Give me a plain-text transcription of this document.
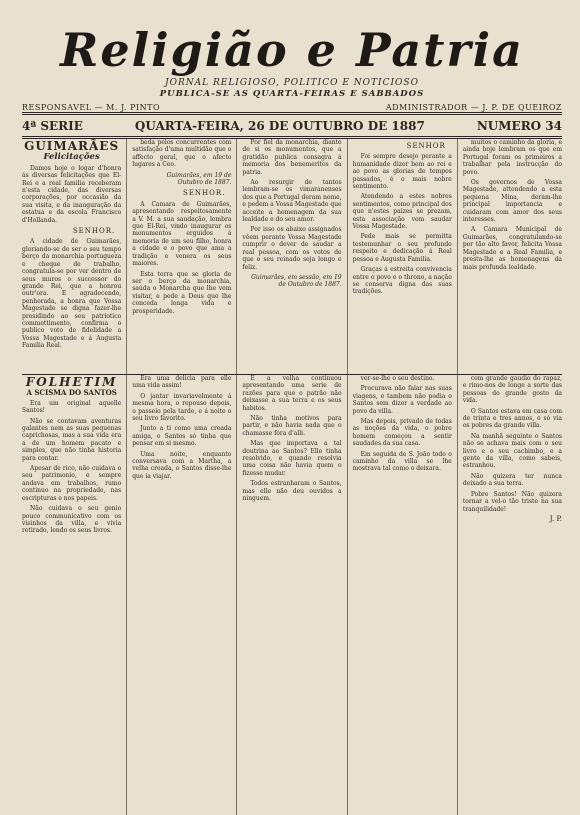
Religião e Patria
JORNAL RELIGIOSO, POLITICO E NOTICIOSO
PUBLICA-SE AS QUARTA-FEIRAS E SABBADOS
RESPONSAVEL — M. J. PINTO	ADMINISTRADOR — J. P. DE QUEIROZ
4ª SERIE	QUARTA-FEIRA, 26 DE OUTUBRO DE 1887	NUMERO 34
GUIMARÃES
Felicitações

Damos hoje o logar d'honra ás diversas felicitações que El-Rei e a real familia receberam n'esta cidade, das diversas corporações, por occasião da sua visita, e da inauguração da estatua e da escola Francisco d'Hollanda.

SENHOR.

A cidade de Guimarães, gloriando-se de ser o seu tempo berço da monarchia portugueza e cheque de trabalho, congratula-se por ver dentro de seus muros o successor do grande Rei, que a honrou outr'ora. E agradecendo, penhorada, a honra que Vossa Magestade se digna fazer-lhe presidindo ao seu patriotico commettimento, confirma o publico voto de fidelidade a Vossa Magestade e á Augusta Familia Real.

beda pelos concurrentes com satisfação d'uma multidão que o affecto geral, que o afecto lugares a Ceo.

Guimarães, em 19 de Outubro de 1887.

SENHOR.

A Camara de Guimarães, apresentando respeitosamente a V. M. a sua saudação, lembra que El-Rei, vindo inaugurar os monumentos erguidos á memoria de um seu filho, honra a cidade e o povo que ama a tradição e venera os seus maiores.

Esta terra que se gloria de ser o berço da monarchia, saúda o Monarcha que lhe vem visitar, e pede a Deus que lhe conceda longa vida e prosperidade.

Por fiel da monarchia, diante de si os monumentos, que a gratidão publica consagra á memoria dos benemeritos da patria.

Ao resurgir de tantos lembram-se os vimaranenses dos que a Portugal deram nome, e pedem a Vossa Magestade que acceite a homenagem da sua lealdade e do seu amor.

Por isso os abaixo assignados vêem perante Vossa Magestade cumprir o dever de saudar a real pessoa, com os votos de que o seu reinado seja longo e feliz.

Guimarães, em sessão, em 19 de Outubro de 1887.

SENHOR

Foi sempre desejo perante a humanidade dizer bem ao rei e ao povo as glorias de tempos passados, é o mais nobre sentimento.

Atendendo a estes nobres sentimentos, como principal dos que n'estes paizes se prezam, esta associação vem saudar Vossa Magestade.

Pede mais se permitta testemunhar o seu profundo respeito e dedicação á Real pessoa e Augusta Familia.

Graças á estreita convivencia entre o povo e o throno, a nação se conserva digna das suas tradições.

muitos o caminho da gloria, e ainda hoje lembram os que em Portugal foram os primeiros a trabalhar pela instrucção do povo.

Os governos de Vossa Magestade, attendendo a esta pequena Mina, deram-lhe principal importancia e cuidaram com amor dos seus interesses.

A Camara Municipal de Guimarães, congratulando-se por tão alto favor, felicita Vossa Magestade e a Real Familia, e presta-lhe as homenagens da mais profunda lealdade.

FOLHETIM
A SCISMA DO SANTOS

Era um original aquelle Santos!

Não se contavam aventuras galantes nem as suas pequenas caprichosas, mas a sua vida era a de um homem pacato e simples, que não tinha historia para contar.

Apesar de rico, não cuidava o seu patrimonio, e sempre andava em trabalhos, rumo continuo na propriedade, nas escripturas e nos papeis.

Não cuidava o seu genio pouco communicativo com os visinhos da villa, e vivia retirado, lendo os seus livros.

Era uma delicia para elle uma vida assim!

O jantar invariavelmente á mesma hora, o repouso depois, o passeio pela tarde, e á noite o seu livro favorito.

Junto a ti como uma creada amiga, o Santos só tinha que pensar em si mesmo.

Uma noite, enquanto conversava com a Martha, a velha creada, o Santos disse-lhe que ia viajar.

E a velha continuou apresentando uma serie de razões para que o patrão não deixasse a sua terra e os seus habitos.

Não tinha motivos para partir, e não havia nada que o chamasse fóra d'alli.

Mas que importava a tal doutrina ao Santos? Elle tinha resolvido, e quando resolvia uma coisa não havia quem o fizesse mudar.

Todos estranharam o Santos, mas elle não deu ouvidos a ninguem.

ver-se-lhe o seu destino.

Procurava não falar nas suas viagens, e tambem não podia o Santos sem dizer a verdade ao povo da villa.

Mas depois, privado de todas as noções da vida, o pobre homem começou a sentir saudades da sua casa.

Em seguida de S. João todo o caminho da villa se lhe mostrava tal como o deixara.

com grande gaudio do rapaz, e rimo-nos de longe a sorte das pessoas do grande gosto da vida.

O Santos estava em casa com de trinta e tres annos, e só via os pobres da grande villa.

Na manhã seguinte o Santos não se achava mais com o seu livro e o seu cachimbo, e a gente da villa, como sabeis, estranhou.

Não quizera ter nunca deixado a sua terra.

Pobre Santos! Não quizera tornar a vel-o tão triste na sua tranquilidade!

J. P.
